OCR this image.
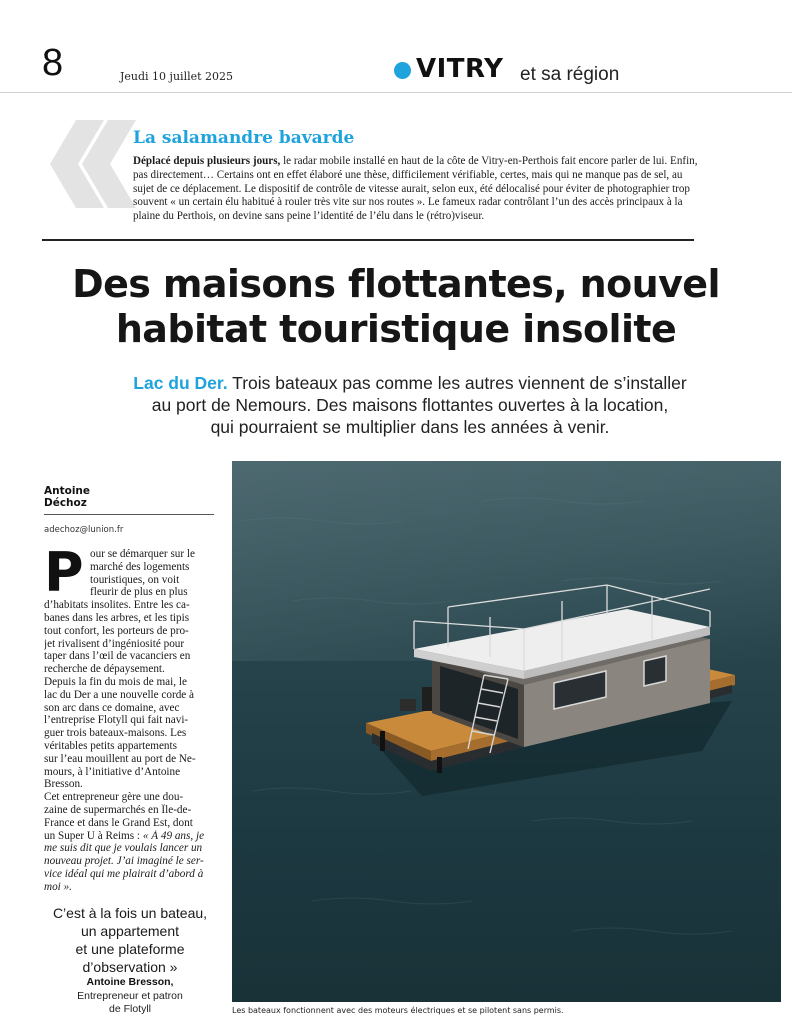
8	Jeudi 10 juillet 2025	VITRY et sa région
La salamandre bavarde
Déplacé depuis plusieurs jours, le radar mobile installé en haut de la côte de Vitry-en-Perthois fait encore parler de lui. Enfin, pas directement… Certains ont en effet élaboré une thèse, difficilement vérifiable, certes, mais qui ne manque pas de sel, au sujet de ce déplacement. Le dispositif de contrôle de vitesse aurait, selon eux, été délocalisé pour éviter de photographier trop souvent « un certain élu habitué à rouler très vite sur nos routes ». Le fameux radar contrôlant l’un des accès principaux à la plaine du Perthois, on devine sans peine l’identité de l’élu dans le (rétro)viseur.
Des maisons flottantes, nouvel
habitat touristique insolite
Lac du Der. Trois bateaux pas comme les autres viennent de s’installer
au port de Nemours. Des maisons flottantes ouvertes à la location,
qui pourraient se multiplier dans les années à venir.
Antoine
Déchoz
adechoz@lunion.fr
P our se démarquer sur le
marché des logements
touristiques, on voit
fleurir de plus en plus
d’habitats insolites. Entre les ca-
banes dans les arbres, et les tipis
tout confort, les porteurs de pro-
jet rivalisent d’ingéniosité pour
taper dans l’œil de vacanciers en
recherche de dépaysement.
Depuis la fin du mois de mai, le
lac du Der a une nouvelle corde à
son arc dans ce domaine, avec
l’entreprise Flotyll qui fait navi-
guer trois bateaux-maisons. Les
véritables petits appartements
sur l’eau mouillent au port de Ne-
mours, à l’initiative d’Antoine
Bresson.
Cet entrepreneur gère une dou-
zaine de supermarchés en Île-de-
France et dans le Grand Est, dont
un Super U à Reims : « À 49 ans, je
me suis dit que je voulais lancer un
nouveau projet. J’ai imaginé le ser-
vice idéal qui me plairait d’abord à
moi ».
C’est à la fois un bateau,
un appartement
et une plateforme
d’observation »
Antoine Bresson,
Entrepreneur et patron
de Flotyll	Les bateaux fonctionnent avec des moteurs électriques et se pilotent sans permis.
